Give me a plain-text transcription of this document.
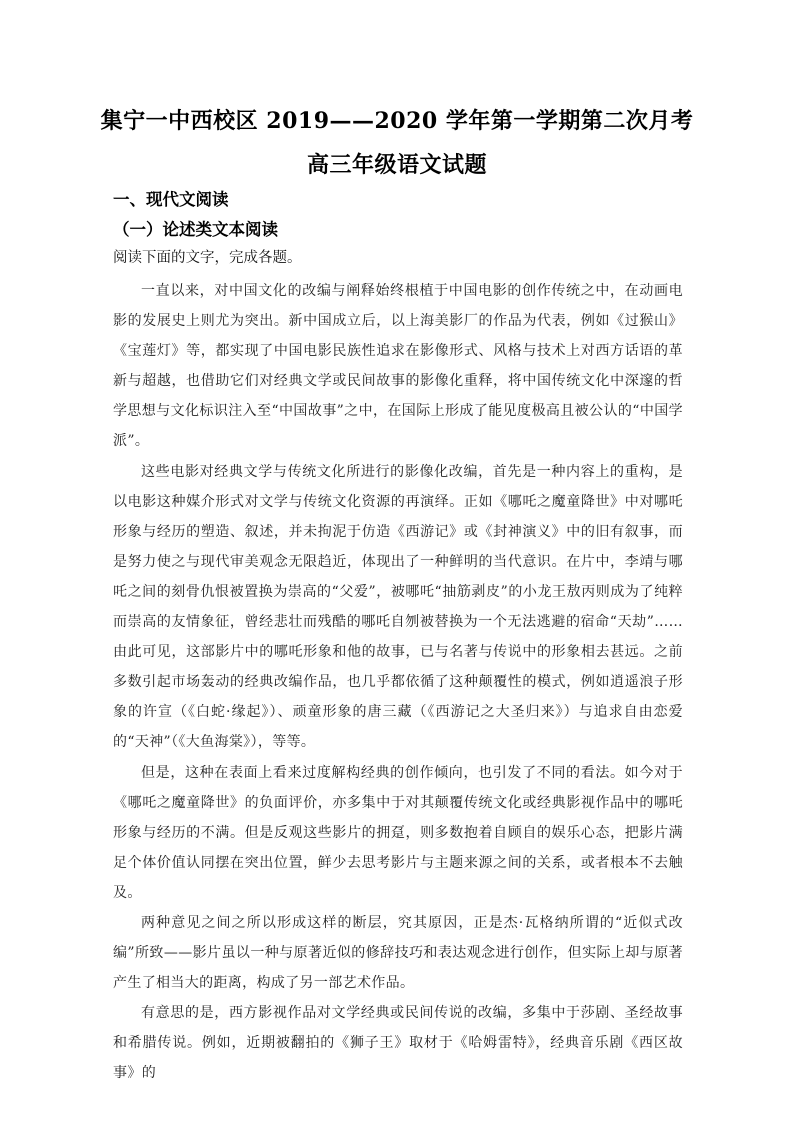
集宁一中西校区 2019——2020 学年第一学期第二次月考
高三年级语文试题
一、现代文阅读
（一）论述类文本阅读
阅读下面的文字，完成各题。

一直以来，对中国文化的改编与阐释始终根植于中国电影的创作传统之中，在动画电影的发展史上则尤为突出。新中国成立后，以上海美影厂的作品为代表，例如《过猴山》《宝莲灯》等，都实现了中国电影民族性追求在影像形式、风格与技术上对西方话语的革新与超越，也借助它们对经典文学或民间故事的影像化重释，将中国传统文化中深邃的哲学思想与文化标识注入至“中国故事”之中，在国际上形成了能见度极高且被公认的“中国学派”。

这些电影对经典文学与传统文化所进行的影像化改编，首先是一种内容上的重构，是以电影这种媒介形式对文学与传统文化资源的再演绎。正如《哪吒之魔童降世》中对哪吒形象与经历的塑造、叙述，并未拘泥于仿造《西游记》或《封神演义》中的旧有叙事，而是努力使之与现代审美观念无限趋近，体现出了一种鲜明的当代意识。在片中，李靖与哪吒之间的刻骨仇恨被置换为崇高的“父爱”，被哪吒“抽筋剥皮”的小龙王敖丙则成为了纯粹而崇高的友情象征，曾经悲壮而残酷的哪吒自刎被替换为一个无法逃避的宿命“天劫”……由此可见，这部影片中的哪吒形象和他的故事，已与名著与传说中的形象相去甚远。之前多数引起市场轰动的经典改编作品，也几乎都依循了这种颠覆性的模式，例如逍遥浪子形象的许宣（《白蛇·缘起》）、顽童形象的唐三藏（《西游记之大圣归来》）与追求自由恋爱的“天神”（《大鱼海棠》），等等。

但是，这种在表面上看来过度解构经典的创作倾向，也引发了不同的看法。如今对于《哪吒之魔童降世》的负面评价，亦多集中于对其颠覆传统文化或经典影视作品中的哪吒形象与经历的不满。但是反观这些影片的拥趸，则多数抱着自顾自的娱乐心态，把影片满足个体价值认同摆在突出位置，鲜少去思考影片与主题来源之间的关系，或者根本不去触及。

两种意见之间之所以形成这样的断层，究其原因，正是杰·瓦格纳所谓的“近似式改编”所致——影片虽以一种与原著近似的修辞技巧和表达观念进行创作，但实际上却与原著产生了相当大的距离，构成了另一部艺术作品。

有意思的是，西方影视作品对文学经典或民间传说的改编，多集中于莎剧、圣经故事和希腊传说。例如，近期被翻拍的《狮子王》取材于《哈姆雷特》，经典音乐剧《西区故事》的
